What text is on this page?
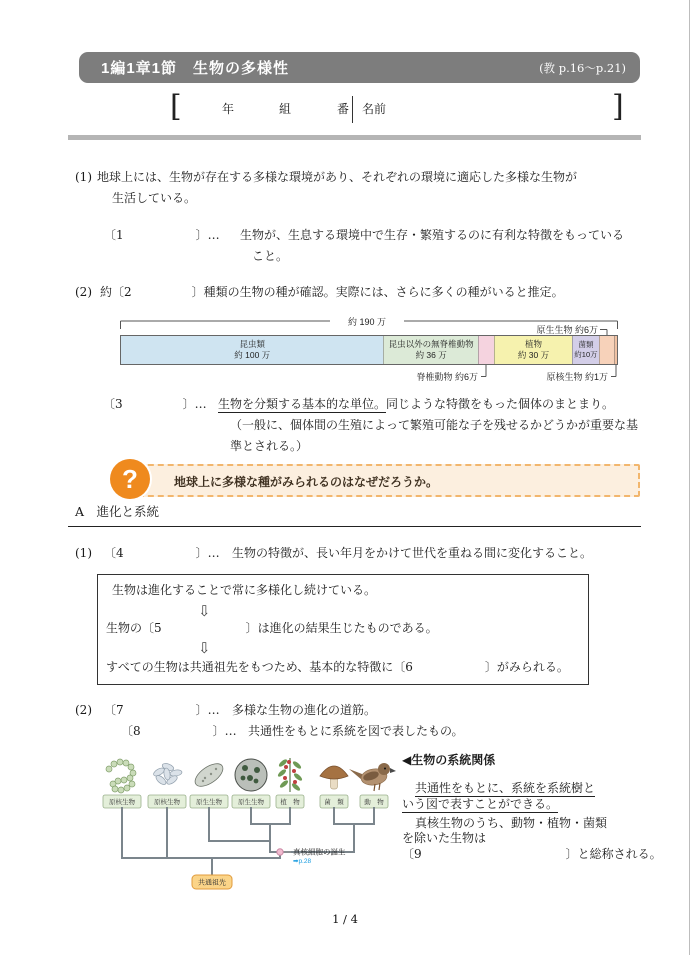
1編1章1節　生物の多様性	(教 p.16～p.21)
[	年	組	番 名前	]
(1) 地球上には、生物が存在する多様な環境があり、それぞれの環境に適応した多様な生物が
生活している。
〔1　　　　　　〕… 生物が、生息する環境中で生存・繁殖するのに有利な特徴をもっている
こと。
(2) 約〔2　　　　　〕種類の生物の種が確認。実際には、さらに多くの種がいると推定。
約 190 万
原生生物 約6万
脊椎動物 約6万	原核生物 約1万
昆虫類
約 100 万
昆虫以外の無脊椎動物
約 36 万
植物
約 30 万
菌類
約10万
〔3　　　　　〕… 生物を分類する基本的な単位。同じような特徴をもった個体のまとまり。
（一般に、個体間の生殖によって繁殖可能な子を残せるかどうかが重要な基
準とされる。）
地球上に多様な種がみられるのはなぜだろうか。
?
A　進化と系統
(1) 〔4　　　　　　〕… 生物の特徴が、長い年月をかけて世代を重ねる間に変化すること。
生物は進化することで常に多様化し続けている。
⇩
生物の〔5　　　　　　　〕は進化の結果生じたものである。
⇩
すべての生物は共通祖先をもつため、基本的な特徴に〔6　　　　　　〕がみられる。
(2) 〔7　　　　　　〕… 多様な生物の進化の道筋。
〔8　　　　　　〕… 共通性をもとに系統を図で表したもの。
原核生物	原核生物 原生生物 原生生物	植　物	菌　類	動　物
真核細胞の誕生
➡p.28
共通祖先
◀生物の系統関係
共通性をもとに、系統を系統樹と
いう図で表すことができる。
真核生物のうち、動物・植物・菌類
を除いた生物は
〔9　　　　　　　　　　　　〕と総称される。
1 / 4
